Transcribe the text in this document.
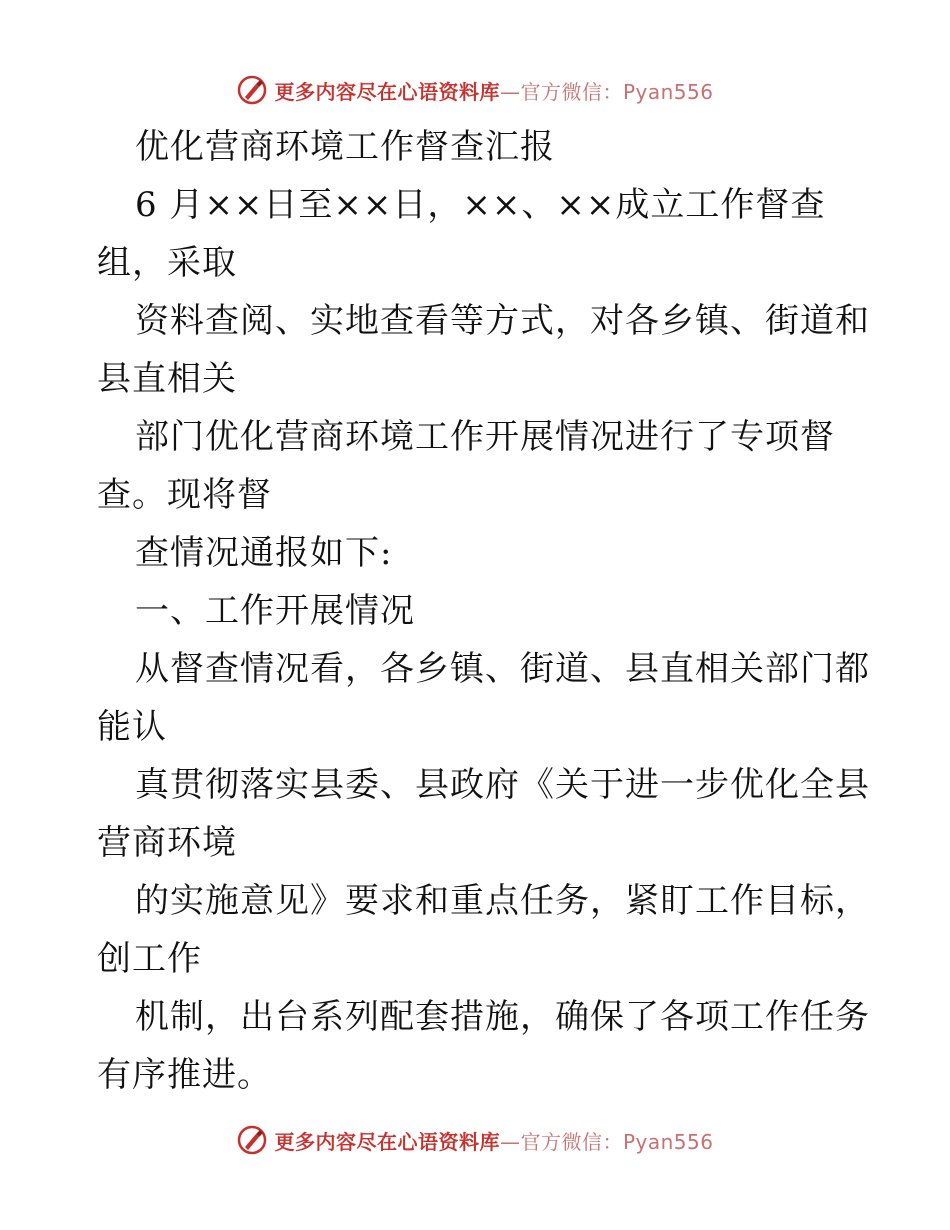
更多内容尽在心语资料库—官方微信：Pyan556
优化营商环境工作督查汇报
6 月××日至××日，××、××成立工作督查
组，采取
资料查阅、实地查看等方式，对各乡镇、街道和
县直相关
部门优化营商环境工作开展情况进行了专项督
查。现将督
查情况通报如下:
一、工作开展情况
从督查情况看，各乡镇、街道、县直相关部门都
能认
真贯彻落实县委、县政府《关于进一步优化全县
营商环境
的实施意见》要求和重点任务，紧盯工作目标，
创工作
机制，出台系列配套措施，确保了各项工作任务
有序推进。
更多内容尽在心语资料库—官方微信：Pyan556
